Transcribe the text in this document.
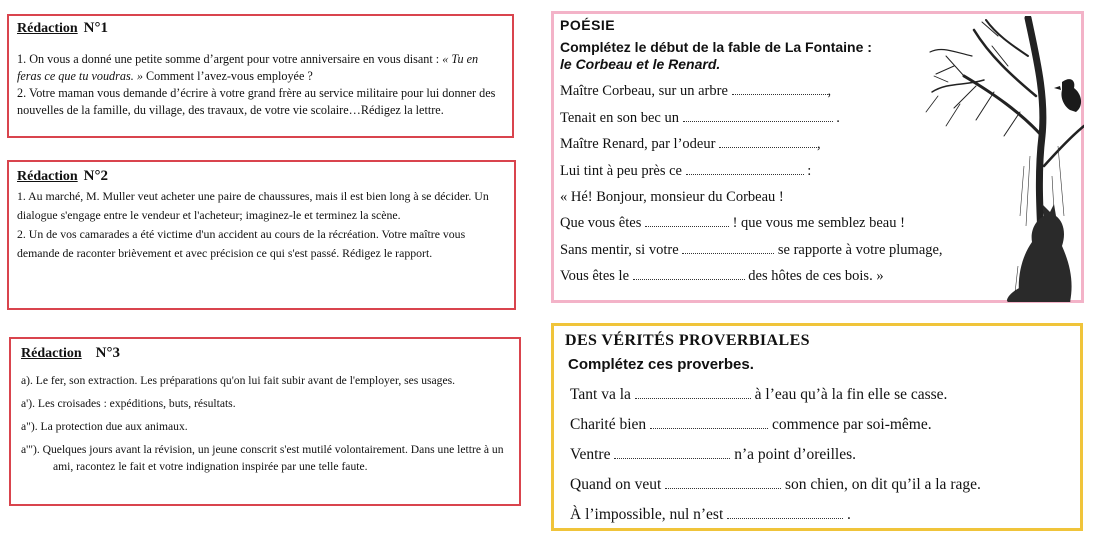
Rédaction N°1

1. On vous a donné une petite somme d’argent pour votre anniversaire en vous disant : « Tu en feras ce que tu voudras. » Comment l’avez-vous employée ?

2. Votre maman vous demande d’écrire à votre grand frère au service militaire pour lui donner des nouvelles de la famille, du village, des travaux, de votre vie scolaire…Rédigez la lettre.

Rédaction N°2

1. Au marché, M. Muller veut acheter une paire de chaussures, mais il est bien long à se décider. Un dialogue s'engage entre le vendeur et l'acheteur; imaginez-le et terminez la scène.

2. Un de vos camarades a été victime d'un accident au cours de la récréation. Votre maître vous demande de raconter brièvement et avec précision ce qui s'est passé. Rédigez le rapport.

Rédaction N°3

a). Le fer, son extraction. Les préparations qu'on lui fait subir avant de l'employer, ses usages.

a'). Les croisades : expéditions, buts, résultats.

a"). La protection due aux animaux.

a'"). Quelques jours avant la révision, un jeune conscrit s'est mutilé volontairement. Dans une lettre à un ami, racontez le fait et votre indignation inspirée par une telle faute.

POÉSIE
Complétez le début de la fable de La Fontaine :
le Corbeau et le Renard.
Maître Corbeau, sur un arbre	,
Tenait en son bec un	.
Maître Renard, par l’odeur	,
Lui tint à peu près ce	:
« Hé! Bonjour, monsieur du Corbeau !
Que vous êtes	! que vous me semblez beau !
Sans mentir, si votre	se rapporte à votre plumage,
Vous êtes le	des hôtes de ces bois. »
DES VÉRITÉS PROVERBIALES
Complétez ces proverbes.
Tant va la	à l’eau qu’à la fin elle se casse.
Charité bien	commence par soi-même.
Ventre	n’a point d’oreilles.
Quand on veut	son chien, on dit qu’il a la rage.
À l’impossible, nul n’est	.
